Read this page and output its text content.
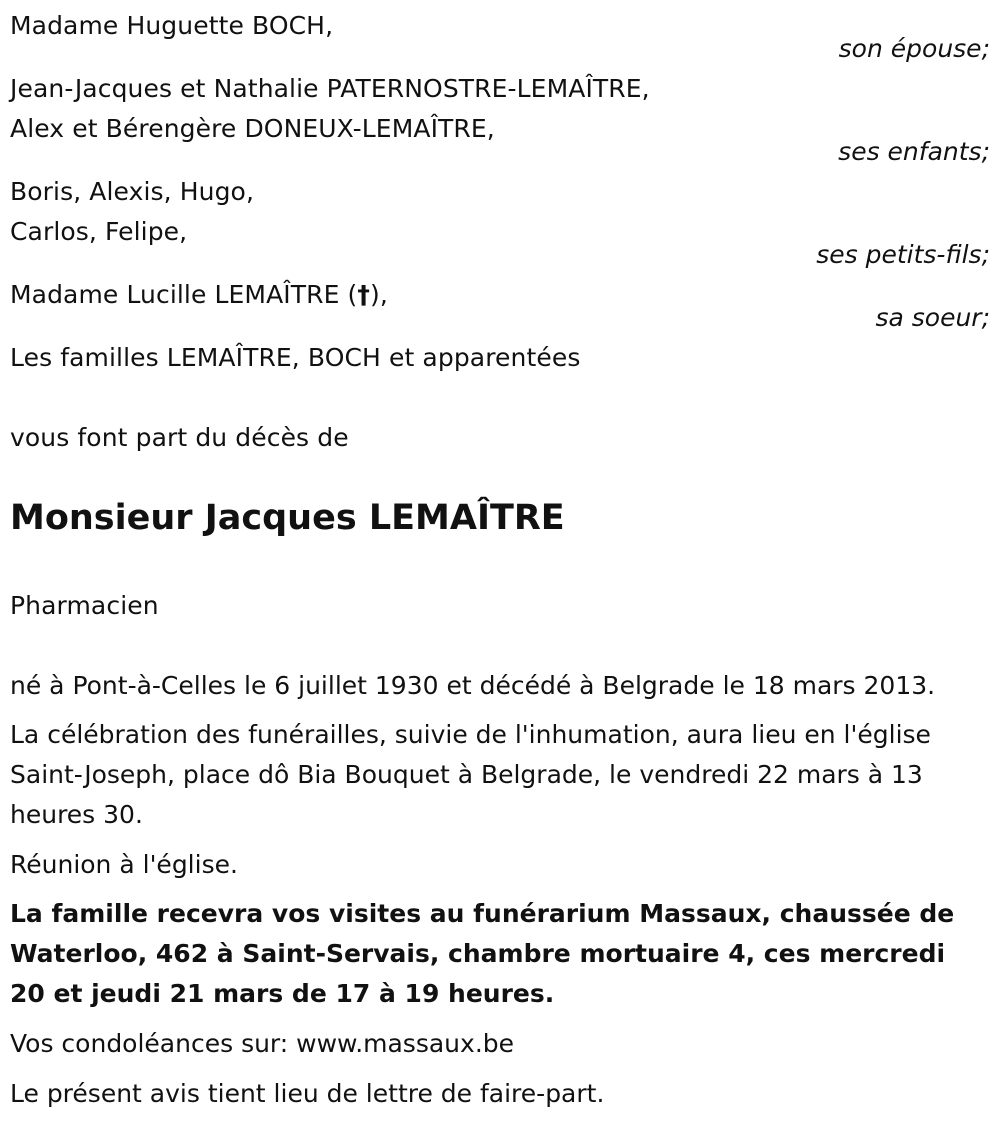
Madame Huguette BOCH,
son épouse;
Jean-Jacques et Nathalie PATERNOSTRE-LEMAÎTRE,
Alex et Bérengère DONEUX-LEMAÎTRE,
ses enfants;
Boris, Alexis, Hugo,
Carlos, Felipe,
ses petits-fils;
Madame Lucille LEMAÎTRE (†),
sa soeur;
Les familles LEMAÎTRE, BOCH et apparentées
vous font part du décès de
Monsieur Jacques LEMAÎTRE
Pharmacien
né à Pont-à-Celles le 6 juillet 1930 et décédé à Belgrade le 18 mars 2013.
La célébration des funérailles, suivie de l'inhumation, aura lieu en l'église Saint-Joseph, place dô Bia Bouquet à Belgrade, le vendredi 22 mars à 13 heures 30.
Réunion à l'église.
La famille recevra vos visites au funérarium Massaux, chaussée de Waterloo, 462 à Saint-Servais, chambre mortuaire 4, ces mercredi 20 et jeudi 21 mars de 17 à 19 heures.
Vos condoléances sur: www.massaux.be
Le présent avis tient lieu de lettre de faire-part.
